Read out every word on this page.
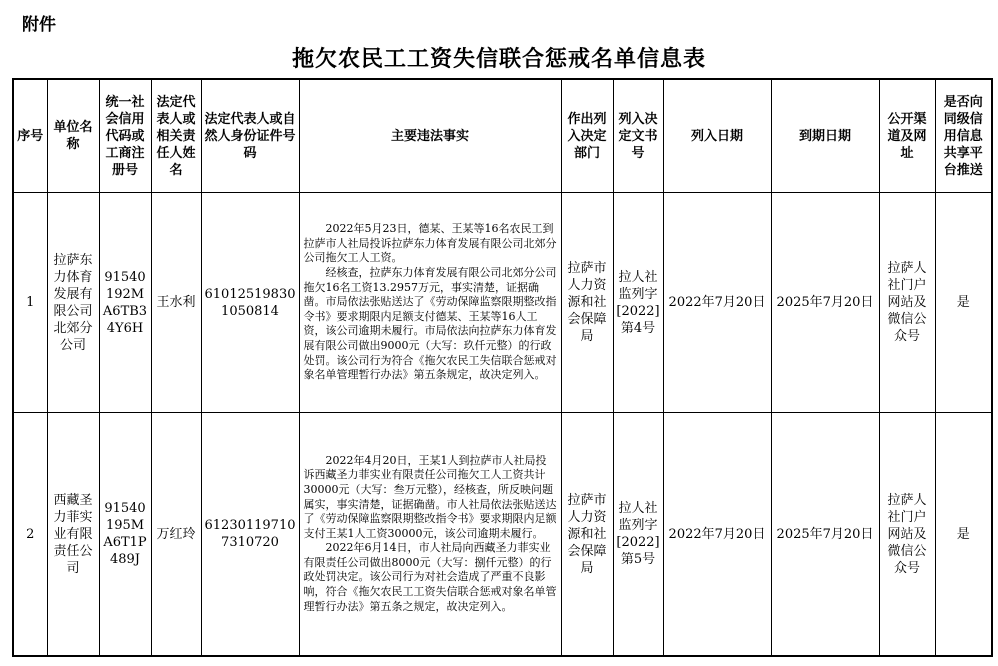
附件
拖欠农民工工资失信联合惩戒名单信息表
序号	单位名称	统一社会信用代码或工商注册号	法定代表人或相关责任人姓名	法定代表人或自然人身份证件号码	主要违法事实	作出列入决定部门	列入决定文书号	列入日期	到期日期	公开渠道及网址	是否向同级信用信息共享平台推送
1	拉萨东力体育发展有限公司北郊分公司	91540192MA6TB34Y6H	王水利	610125198301050814	2022年5月23日，德某、王某等16名农民工到拉萨市人社局投诉拉萨东力体育发展有限公司北郊分公司拖欠工人工资。

经核查，拉萨东力体育发展有限公司北郊分公司拖欠16名工资13.2957万元，事实清楚，证据确凿。市局依法张贴送达了《劳动保障监察限期整改指令书》要求期限内足额支付德某、王某等16人工资，该公司逾期未履行。市局依法向拉萨东力体育发展有限公司做出9000元（大写：玖仟元整）的行政处罚。该公司行为符合《拖欠农民工失信联合惩戒对象名单管理暂行办法》第五条规定，故决定列入。	拉萨市人力资源和社会保障局	拉人社监列字[2022]第4号	2022年7月20日	2025年7月20日	拉萨人社门户网站及微信公众号	是
2	西藏圣力菲实业有限责任公司	91540195MA6T1P489J	万红玲	612301197107310720	2022年4月20日，王某1人到拉萨市人社局投诉西藏圣力菲实业有限责任公司拖欠工人工资共计30000元（大写：叁万元整），经核查，所反映问题属实，事实清楚，证据确凿。市人社局依法张贴送达了《劳动保障监察限期整改指令书》要求期限内足额支付王某1人工资30000元，该公司逾期未履行。

2022年6月14日，市人社局向西藏圣力菲实业有限责任公司做出8000元（大写：捌仟元整）的行政处罚决定。该公司行为对社会造成了严重不良影响，符合《拖欠农民工工资失信联合惩戒对象名单管理暂行办法》第五条之规定，故决定列入。	拉萨市人力资源和社会保障局	拉人社监列字[2022]第5号	2022年7月20日	2025年7月20日	拉萨人社门户网站及微信公众号	是
